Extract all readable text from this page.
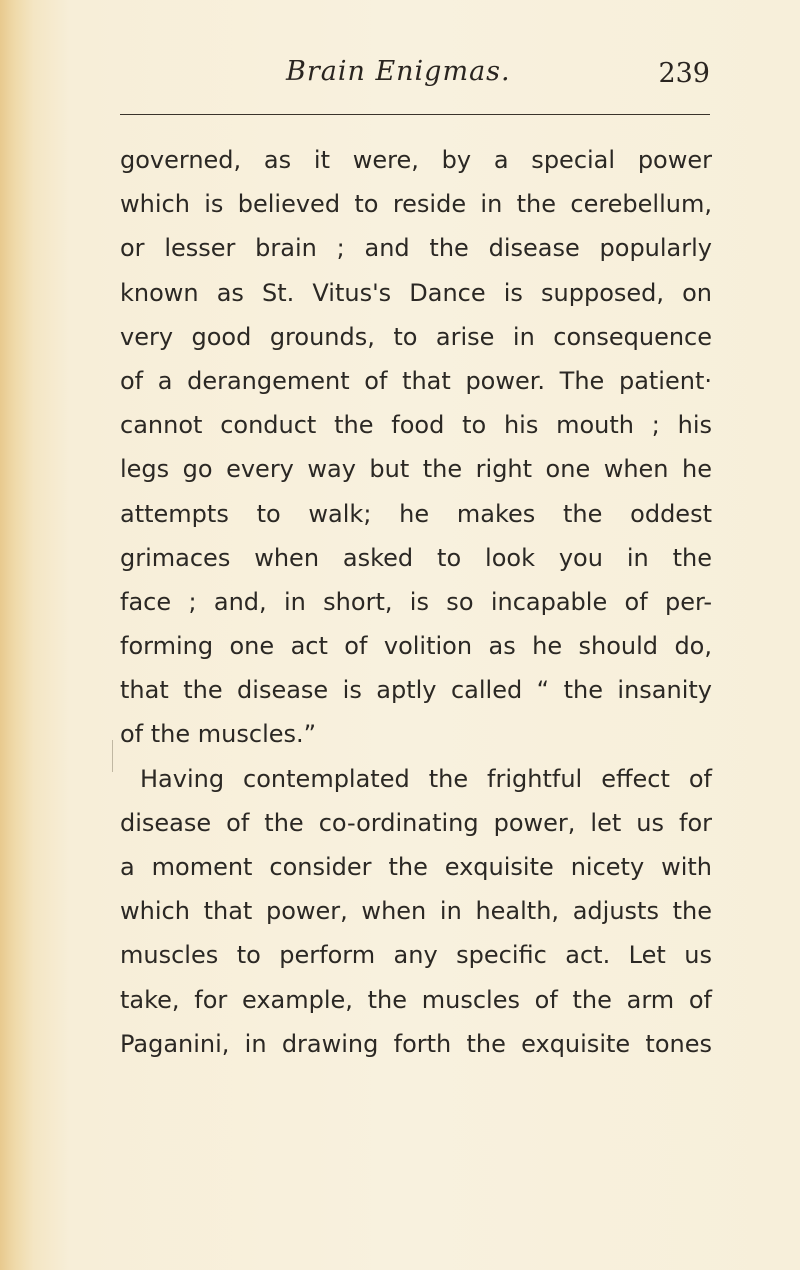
Brain Enigmas.	239
governed, as it were, by a special power
which is believed to reside in the cerebellum,
or lesser brain ; and the disease popularly
known as St. Vitus's Dance is supposed, on
very good grounds, to arise in consequence
of a derangement of that power. The patient·
cannot conduct the food to his mouth ; his
legs go every way but the right one when he
attempts to walk; he makes the oddest
grimaces when asked to look you in the
face ; and, in short, is so incapable of per-
forming one act of volition as he should do,
that the disease is aptly called “ the insanity
of the muscles.”
Having contemplated the frightful effect of
disease of the co-ordinating power, let us for
a moment consider the exquisite nicety with
which that power, when in health, adjusts the
muscles to perform any specific act. Let us
take, for example, the muscles of the arm of
Paganini, in drawing forth the exquisite tones
